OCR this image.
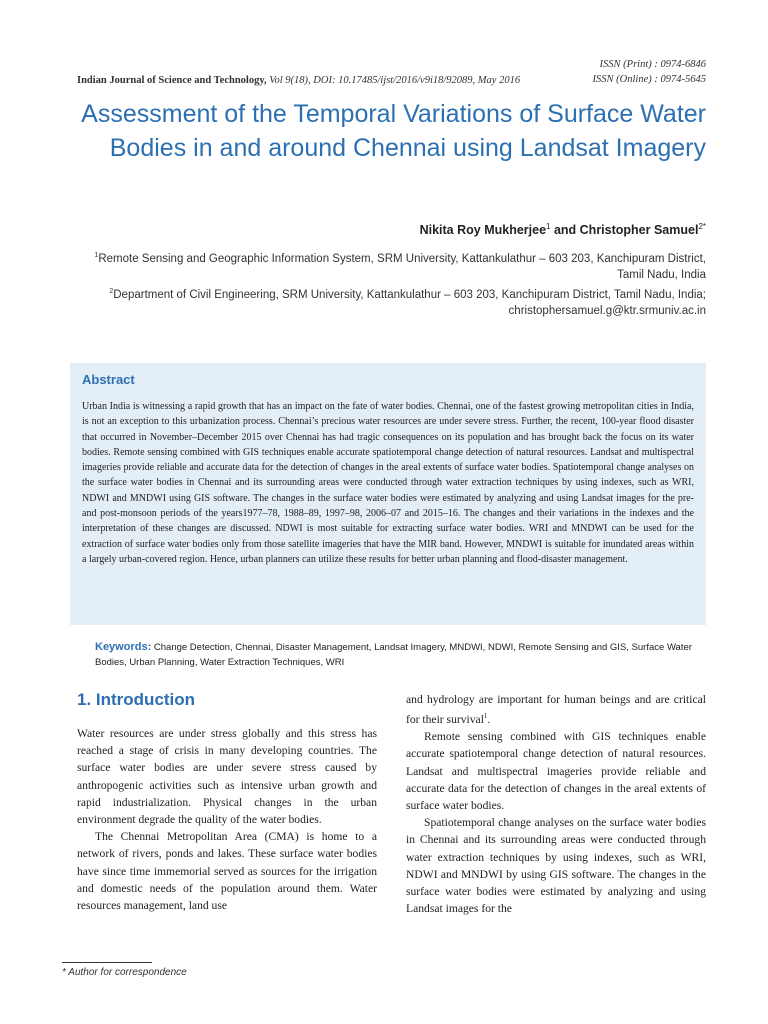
ISSN (Print) : 0974-6846
ISSN (Online) : 0974-5645
Indian Journal of Science and Technology, Vol 9(18), DOI: 10.17485/ijst/2016/v9i18/92089, May 2016
Assessment of the Temporal Variations of Surface Water Bodies in and around Chennai using Landsat Imagery
Nikita Roy Mukherjee$^1$ and Christopher Samuel$^{2*}$
$^1$Remote Sensing and Geographic Information System, SRM University, Kattankulathur – 603 203, Kanchipuram District, Tamil Nadu, India
$^2$Department of Civil Engineering, SRM University, Kattankulathur – 603 203, Kanchipuram District, Tamil Nadu, India; christophersamuel.g@ktr.srmuniv.ac.in
Abstract
Urban India is witnessing a rapid growth that has an impact on the fate of water bodies. Chennai, one of the fastest growing metropolitan cities in India, is not an exception to this urbanization process. Chennai’s precious water resources are under severe stress. Further, the recent, 100-year flood disaster that occurred in November–December 2015 over Chennai has had tragic consequences on its population and has brought back the focus on its water bodies. Remote sensing combined with GIS techniques enable accurate spatiotemporal change detection of natural resources. Landsat and multispectral imageries provide reliable and accurate data for the detection of changes in the areal extents of surface water bodies. Spatiotemporal change analyses on the surface water bodies in Chennai and its surrounding areas were conducted through water extraction techniques by using indexes, such as WRI, NDWI and MNDWI using GIS software. The changes in the surface water bodies were estimated by analyzing and using Landsat images for the pre- and post-monsoon periods of the years1977–78, 1988–89, 1997–98, 2006–07 and 2015–16. The changes and their variations in the indexes and the interpretation of these changes are discussed. NDWI is most suitable for extracting surface water bodies. WRI and MNDWI can be used for the extraction of surface water bodies only from those satellite imageries that have the MIR band. However, MNDWI is suitable for inundated areas within a largely urban-covered region. Hence, urban planners can utilize these results for better urban planning and flood-disaster management.
Keywords: Change Detection, Chennai, Disaster Management, Landsat Imagery, MNDWI, NDWI, Remote Sensing and GIS, Surface Water Bodies, Urban Planning, Water Extraction Techniques, WRI
1. Introduction

Water resources are under stress globally and this stress has reached a stage of crisis in many developing countries. The surface water bodies are under severe stress caused by anthropogenic activities such as intensive urban growth and rapid industrialization. Physical changes in the urban environment degrade the quality of the water bodies.

The Chennai Metropolitan Area (CMA) is home to a network of rivers, ponds and lakes. These surface water bodies have since time immemorial served as sources for the irrigation and domestic needs of the population around them. Water resources management, land use

and hydrology are important for human beings and are critical for their survival$^1$.

Remote sensing combined with GIS techniques enable accurate spatiotemporal change detection of natural resources. Landsat and multispectral imageries provide reliable and accurate data for the detection of changes in the areal extents of surface water bodies.

Spatiotemporal change analyses on the surface water bodies in Chennai and its surrounding areas were conducted through water extraction techniques by using indexes, such as WRI, NDWI and MNDWI by using GIS software. The changes in the surface water bodies were estimated by analyzing and using Landsat images for the

* Author for correspondence
